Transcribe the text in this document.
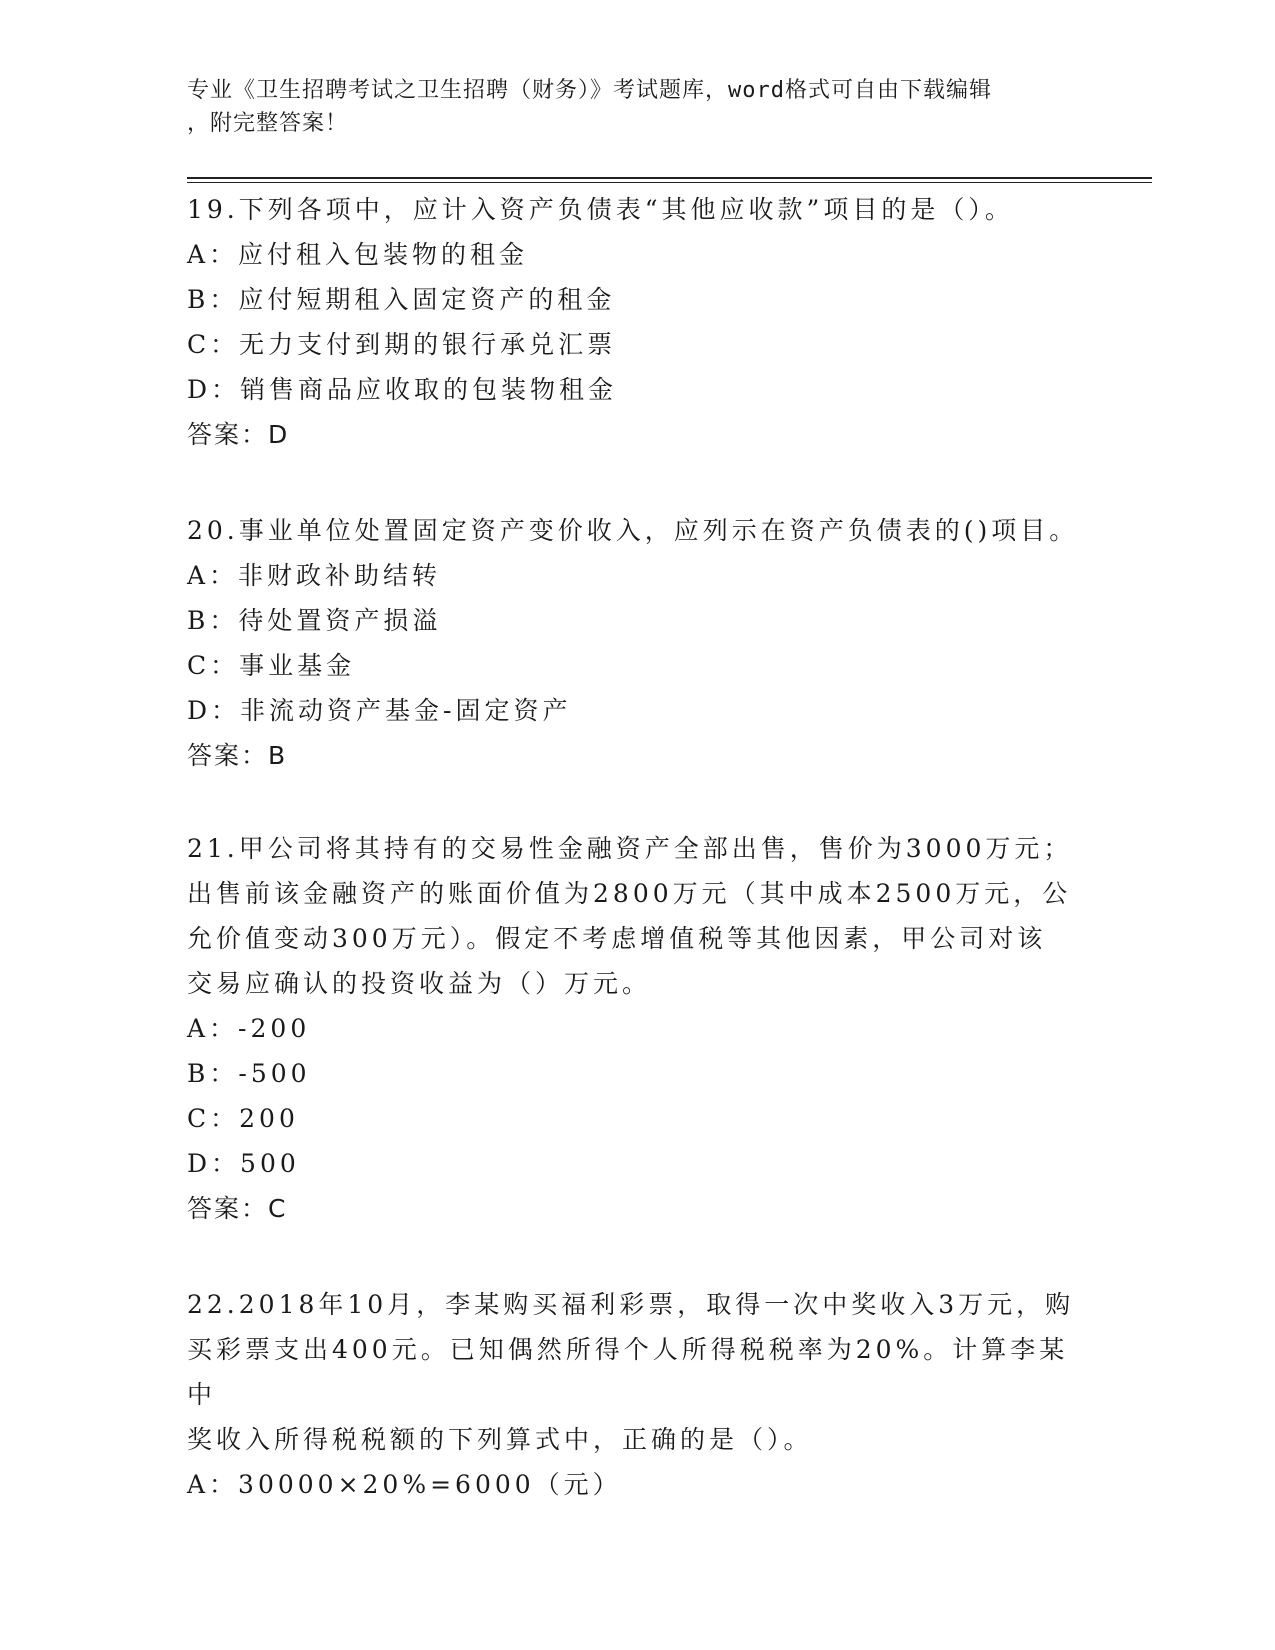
专业《卫生招聘考试之卫生招聘（财务）》考试题库，word格式可自由下载编辑
，附完整答案！

19.下列各项中，应计入资产负债表“其他应收款”项目的是（）。

A：应付租入包装物的租金

B：应付短期租入固定资产的租金

C：无力支付到期的银行承兑汇票

D：销售商品应收取的包装物租金

答案：D

20.事业单位处置固定资产变价收入，应列示在资产负债表的()项目。

A：非财政补助结转

B：待处置资产损溢

C：事业基金

D：非流动资产基金-固定资产

答案：B

21.甲公司将其持有的交易性金融资产全部出售，售价为3000万元；

出售前该金融资产的账面价值为2800万元（其中成本2500万元，公

允价值变动300万元）。假定不考虑增值税等其他因素，甲公司对该

交易应确认的投资收益为（）万元。

A：-200

B：-500

C：200

D：500

答案：C

22.2018年10月，李某购买福利彩票，取得一次中奖收入3万元，购

买彩票支出400元。已知偶然所得个人所得税税率为20%。计算李某中

奖收入所得税税额的下列算式中，正确的是（）。

A：30000×20%=6000（元）
